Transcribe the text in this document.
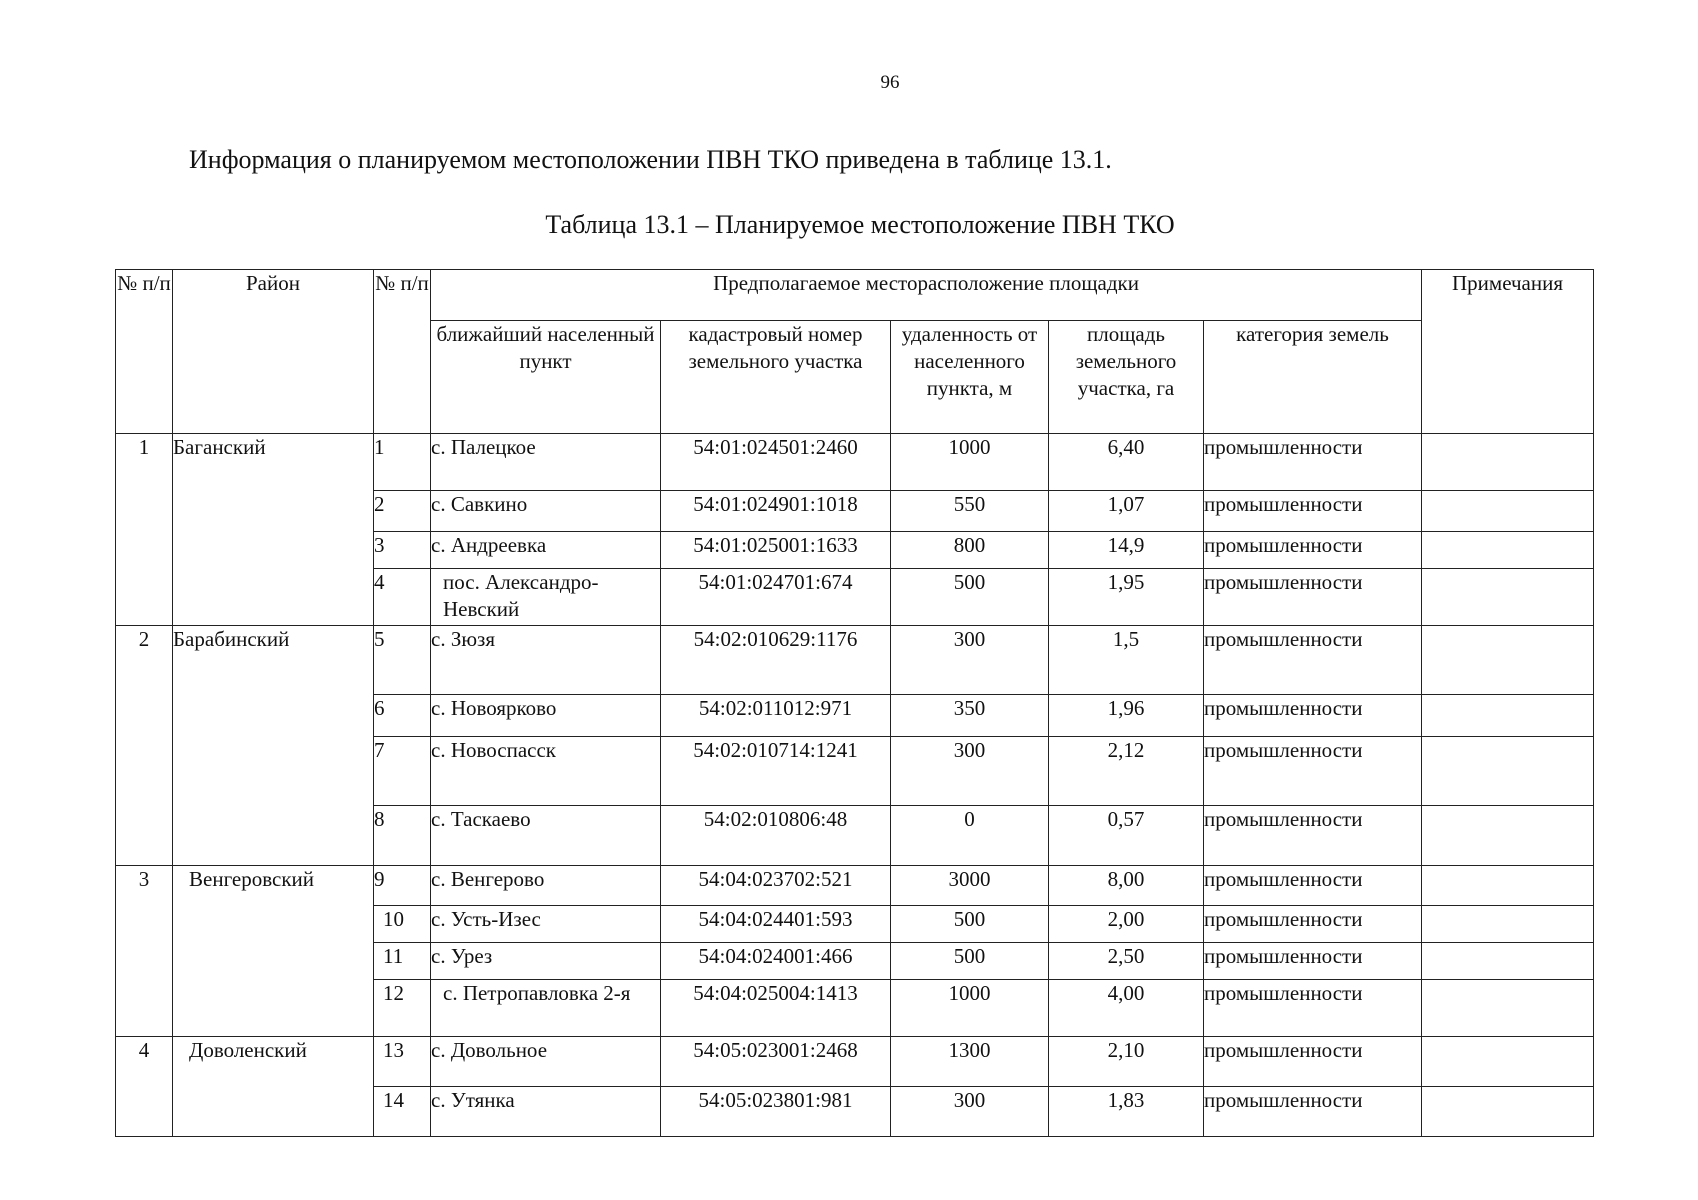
96
Информация о планируемом местоположении ПВН ТКО приведена в таблице 13.1.
Таблица 13.1 – Планируемое местоположение ПВН ТКО
№ п/п	Район	№ п/п	Предполагаемое месторасположение площадки					Примечания
			ближайший населенный пункт	кадастровый номер земельного участка	удаленность от населенного пункта, м	площадь земельного участка, га	категория земель	
1	Баганский	1	с. Палецкое	54:01:024501:2460	1000	6,40	промышленности	
		2	с. Савкино	54:01:024901:1018	550	1,07	промышленности	
		3	с. Андреевка	54:01:025001:1633	800	14,9	промышленности	
		4	пос. Александро-Невский	54:01:024701:674	500	1,95	промышленности	
2	Барабинский	5	с. Зюзя	54:02:010629:1176	300	1,5	промышленности	
		6	с. Новоярково	54:02:011012:971	350	1,96	промышленности	
		7	с. Новоспасск	54:02:010714:1241	300	2,12	промышленности	
		8	с. Таскаево	54:02:010806:48	0	0,57	промышленности	
3	Венгеровский	9	с. Венгерово	54:04:023702:521	3000	8,00	промышленности	
		10	с. Усть-Изес	54:04:024401:593	500	2,00	промышленности	
		11	с. Урез	54:04:024001:466	500	2,50	промышленности	
		12	с. Петропавловка 2-я	54:04:025004:1413	1000	4,00	промышленности	
4	Доволенский	13	с. Довольное	54:05:023001:2468	1300	2,10	промышленности	
		14	с. Утянка	54:05:023801:981	300	1,83	промышленности	
